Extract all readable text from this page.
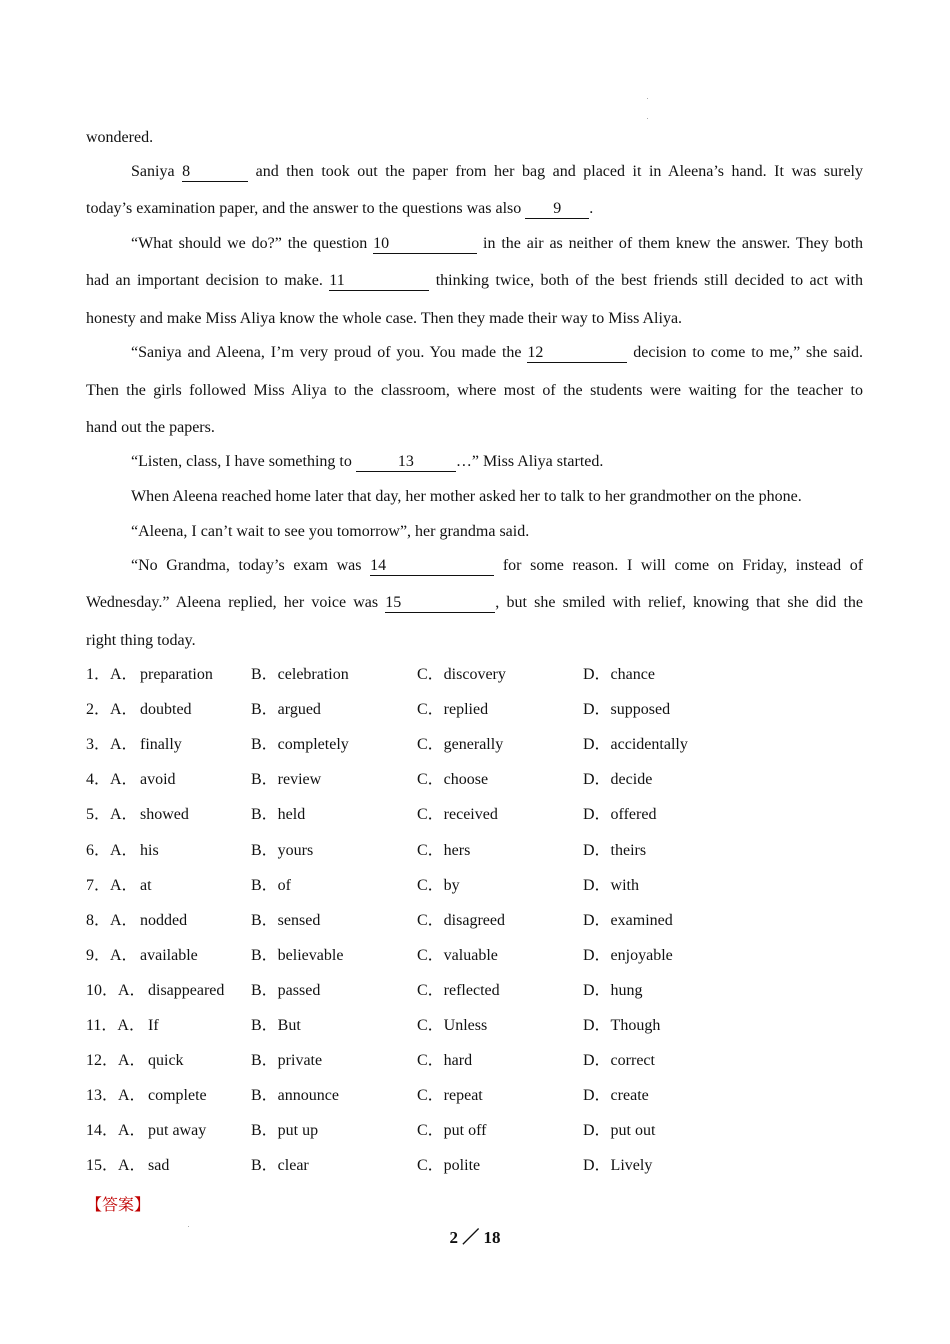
wondered.
Saniya 8	and then took out the paper from her bag and placed it in Aleena’s hand. It was surely
today’s examination paper, and the answer to the questions was also 9 .
“What should we do?” the question 10	in the air as neither of them knew the answer. They both
had an important decision to make. 11	thinking twice, both of the best friends still decided to act with
honesty and make Miss Aliya know the whole case. Then they made their way to Miss Aliya.
“Saniya and Aleena, I’m very proud of you. You made the 12	decision to come to me,” she said.
Then the girls followed Miss Aliya to the classroom, where most of the students were waiting for the teacher to
hand out the papers.
“Listen, class, I have something to	13	…” Miss Aliya started.
When Aleena reached home later that day, her mother asked her to talk to her grandmother on the phone.
“Aleena, I can’t wait to see you tomorrow”, her grandma said.
“No Grandma, today’s exam was 14	for some reason. I will come on Friday, instead of
Wednesday.” Aleena replied, her voice was 15	, but she smiled with relief, knowing that she did the
right thing today.
1．A． preparation B．celebration	C．discovery	D．chance
2．A． doubted	B．argued	C．replied	D．supposed
3．A． finally	B．completely	C．generally	D．accidentally
4．A． avoid	B．review	C．choose	D．decide
5．A． showed	B．held	C．received	D．offered
6．A． his	B．yours	C．hers	D．theirs
7．A． at	B．of	C．by	D．with
8．A． nodded	B．sensed	C．disagreed	D．examined
9．A． available	B．believable	C．valuable	D．enjoyable
10．A． disappeared B．passed	C．reflected	D．hung
11．A． If	B．But	C．Unless	D．Though
12．A． quick	B．private	C．hard	D．correct
13．A． complete	B．announce	C．repeat	D．create
14．A． put away	B．put up	C．put off	D．put out
15．A． sad	B．clear	C．polite	D．Lively
【答案】
2 ／ 18
